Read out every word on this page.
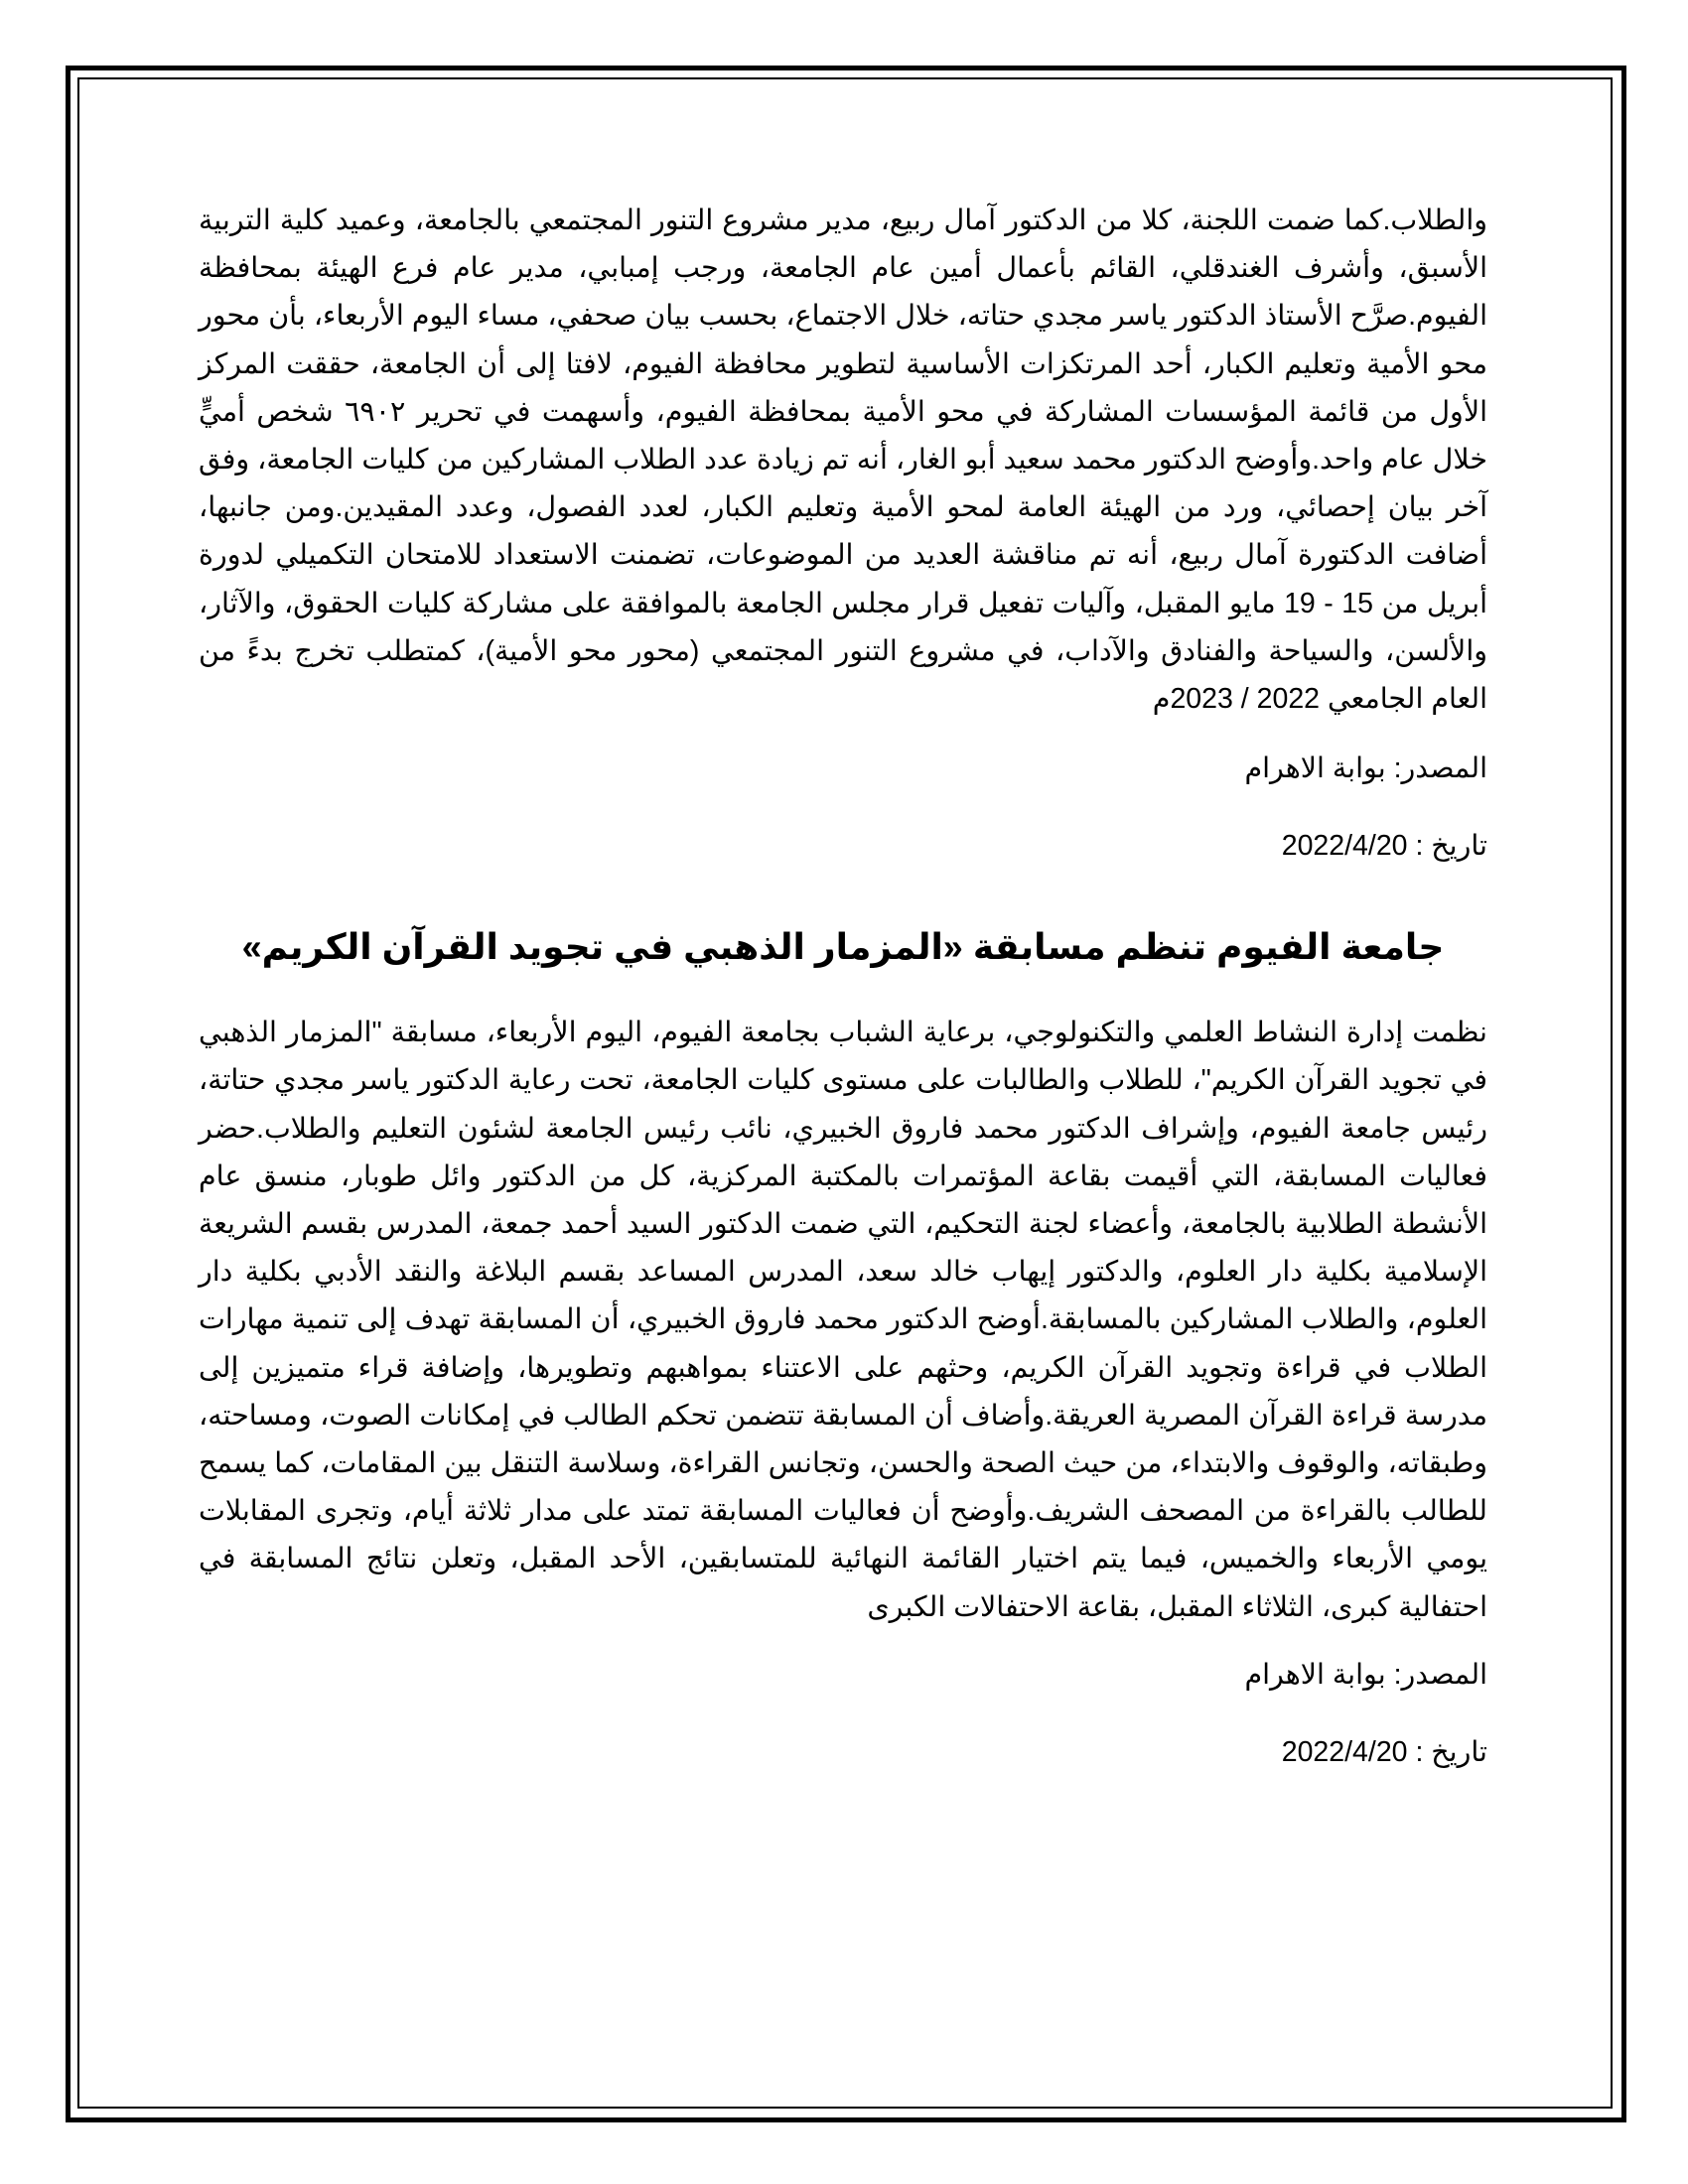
والطلاب.كما ضمت اللجنة، كلا من الدكتور آمال ربيع، مدير مشروع التنور المجتمعي بالجامعة، وعميد كلية التربية الأسبق، وأشرف الغندقلي، القائم بأعمال أمين عام الجامعة، ورجب إمبابي، مدير عام فرع الهيئة بمحافظة الفيوم.صرَّح الأستاذ الدكتور ياسر مجدي حتاته، خلال الاجتماع، بحسب بيان صحفي، مساء اليوم الأربعاء، بأن محور محو الأمية وتعليم الكبار، أحد المرتكزات الأساسية لتطوير محافظة الفيوم، لافتا إلى أن الجامعة، حققت المركز الأول من قائمة المؤسسات المشاركة في محو الأمية بمحافظة الفيوم، وأسهمت في تحرير ٦٩٠٢ شخص أميٍّ خلال عام واحد.وأوضح الدكتور محمد سعيد أبو الغار، أنه تم زيادة عدد الطلاب المشاركين من كليات الجامعة، وفق آخر بيان إحصائي، ورد من الهيئة العامة لمحو الأمية وتعليم الكبار، لعدد الفصول، وعدد المقيدين.ومن جانبها، أضافت الدكتورة آمال ربيع، أنه تم مناقشة العديد من الموضوعات، تضمنت الاستعداد للامتحان التكميلي لدورة أبريل من 15 - 19 مايو المقبل، وآليات تفعيل قرار مجلس الجامعة بالموافقة على مشاركة كليات الحقوق، والآثار، والألسن، والسياحة والفنادق والآداب، في مشروع التنور المجتمعي (محور محو الأمية)، كمتطلب تخرج بدءً من العام الجامعي 2022 / 2023م

المصدر: بوابة الاهرام

تاريخ : 2022/4/20

جامعة الفيوم تنظم مسابقة «المزمار الذهبي في تجويد القرآن الكريم»

نظمت إدارة النشاط العلمي والتكنولوجي، برعاية الشباب بجامعة الفيوم، اليوم الأربعاء، مسابقة "المزمار الذهبي في تجويد القرآن الكريم"، للطلاب والطالبات على مستوى كليات الجامعة، تحت رعاية الدكتور ياسر مجدي حتاتة، رئيس جامعة الفيوم، وإشراف الدكتور محمد فاروق الخبيري، نائب رئيس الجامعة لشئون التعليم والطلاب.حضر فعاليات المسابقة، التي أقيمت بقاعة المؤتمرات بالمكتبة المركزية، كل من الدكتور وائل طوبار، منسق عام الأنشطة الطلابية بالجامعة، وأعضاء لجنة التحكيم، التي ضمت الدكتور السيد أحمد جمعة، المدرس بقسم الشريعة الإسلامية بكلية دار العلوم، والدكتور إيهاب خالد سعد، المدرس المساعد بقسم البلاغة والنقد الأدبي بكلية دار العلوم، والطلاب المشاركين بالمسابقة.أوضح الدكتور محمد فاروق الخبيري، أن المسابقة تهدف إلى تنمية مهارات الطلاب في قراءة وتجويد القرآن الكريم، وحثهم على الاعتناء بمواهبهم وتطويرها، وإضافة قراء متميزين إلى مدرسة قراءة القرآن المصرية العريقة.وأضاف أن المسابقة تتضمن تحكم الطالب في إمكانات الصوت، ومساحته، وطبقاته، والوقوف والابتداء، من حيث الصحة والحسن، وتجانس القراءة، وسلاسة التنقل بين المقامات، كما يسمح للطالب بالقراءة من المصحف الشريف.وأوضح أن فعاليات المسابقة تمتد على مدار ثلاثة أيام، وتجرى المقابلات يومي الأربعاء والخميس، فيما يتم اختيار القائمة النهائية للمتسابقين، الأحد المقبل، وتعلن نتائج المسابقة في احتفالية كبرى، الثلاثاء المقبل، بقاعة الاحتفالات الكبرى

المصدر: بوابة الاهرام

تاريخ : 2022/4/20
